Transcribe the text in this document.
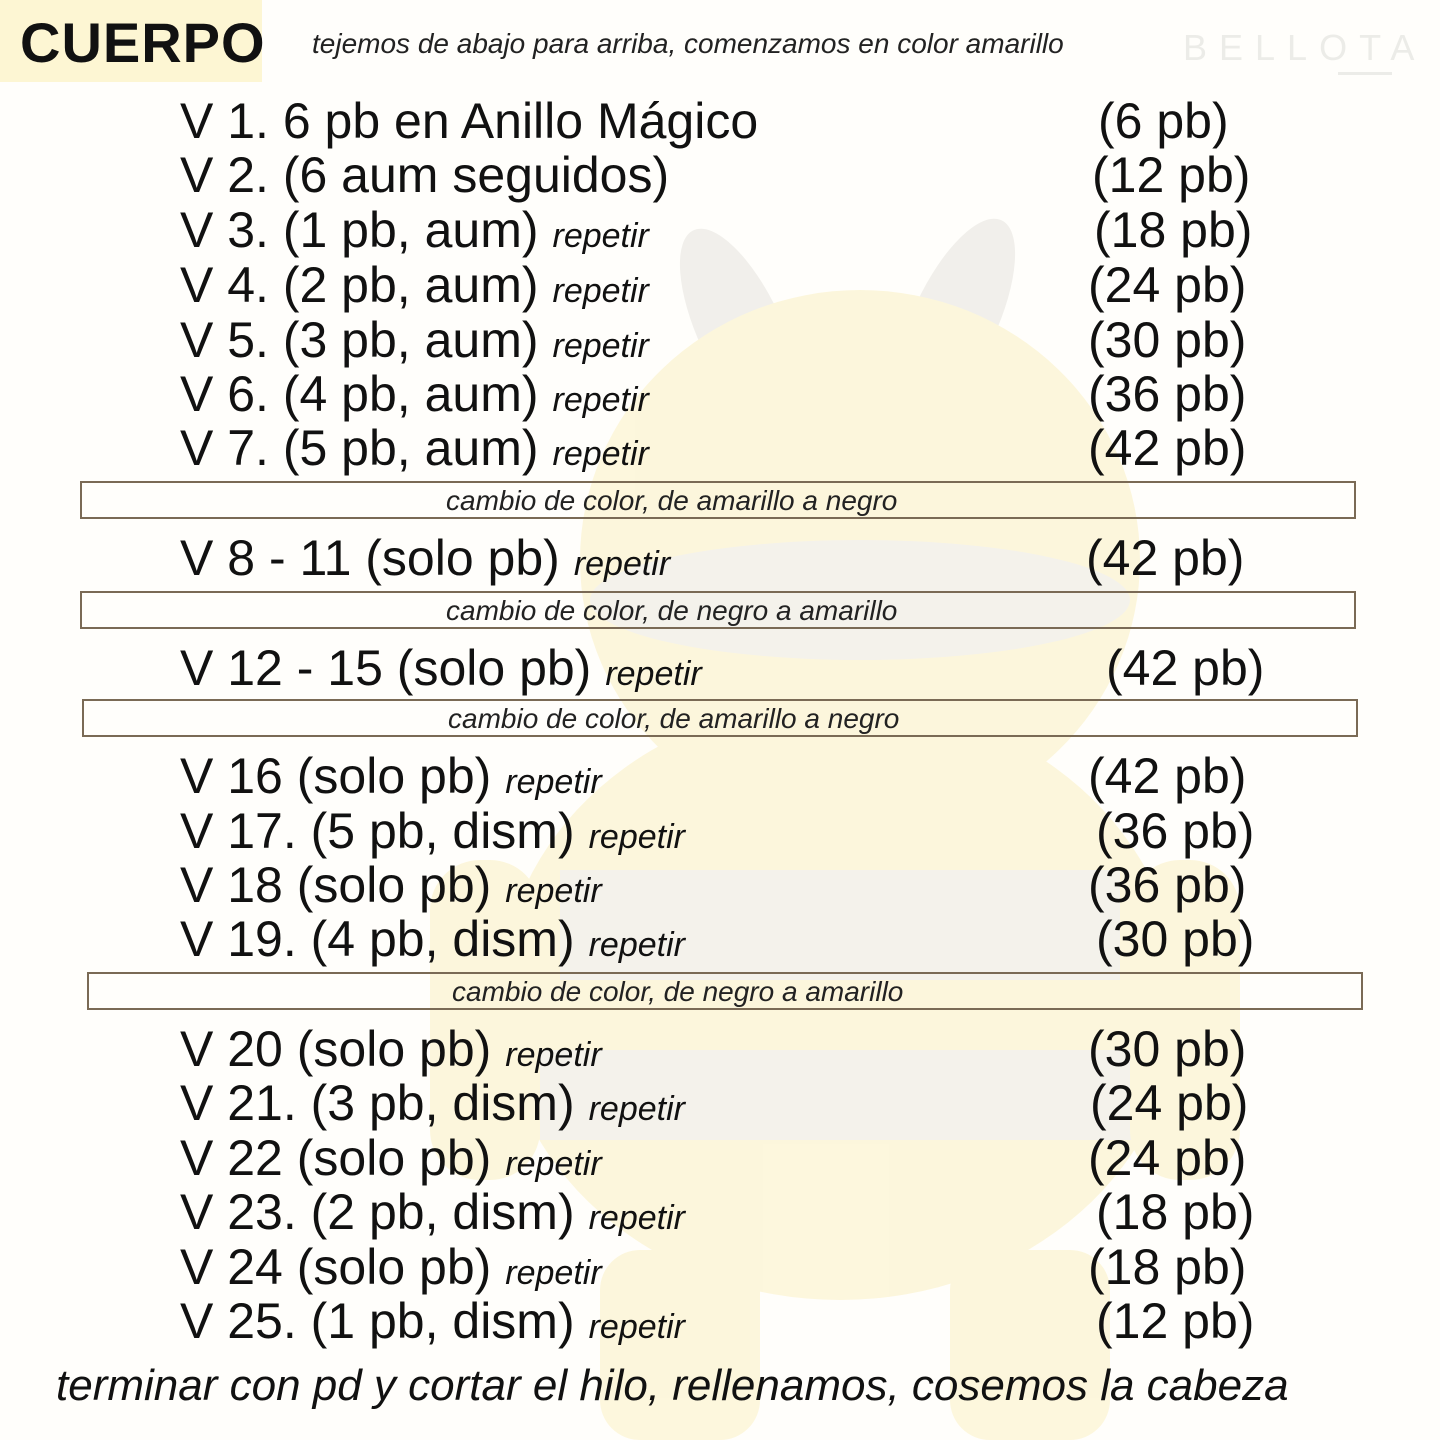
CUERPO tejemos de abajo para arriba, comenzamos en color amarillo	BELLOTA
V 1. 6 pb en Anillo Mágico	(6 pb)
V 2. (6 aum seguidos)	(12 pb)
V 3. (1 pb, aum) repetir	(18 pb)
V 4. (2 pb, aum) repetir	(24 pb)
V 5. (3 pb, aum) repetir	(30 pb)
V 6. (4 pb, aum) repetir	(36 pb)
V 7. (5 pb, aum) repetir	(42 pb)
cambio de color, de amarillo a negro
V 8 - 11 (solo pb) repetir	(42 pb)
cambio de color, de negro a amarillo
V 12 - 15 (solo pb) repetir	(42 pb)
cambio de color, de amarillo a negro
V 16 (solo pb) repetir	(42 pb)
V 17. (5 pb, dism) repetir	(36 pb)
V 18 (solo pb) repetir	(36 pb)
V 19. (4 pb, dism) repetir	(30 pb)
cambio de color, de negro a amarillo
V 20 (solo pb) repetir	(30 pb)
V 21. (3 pb, dism) repetir	(24 pb)
V 22 (solo pb) repetir	(24 pb)
V 23. (2 pb, dism) repetir	(18 pb)
V 24 (solo pb) repetir	(18 pb)
V 25. (1 pb, dism) repetir	(12 pb)
terminar con pd y cortar el hilo, rellenamos, cosemos la cabeza
